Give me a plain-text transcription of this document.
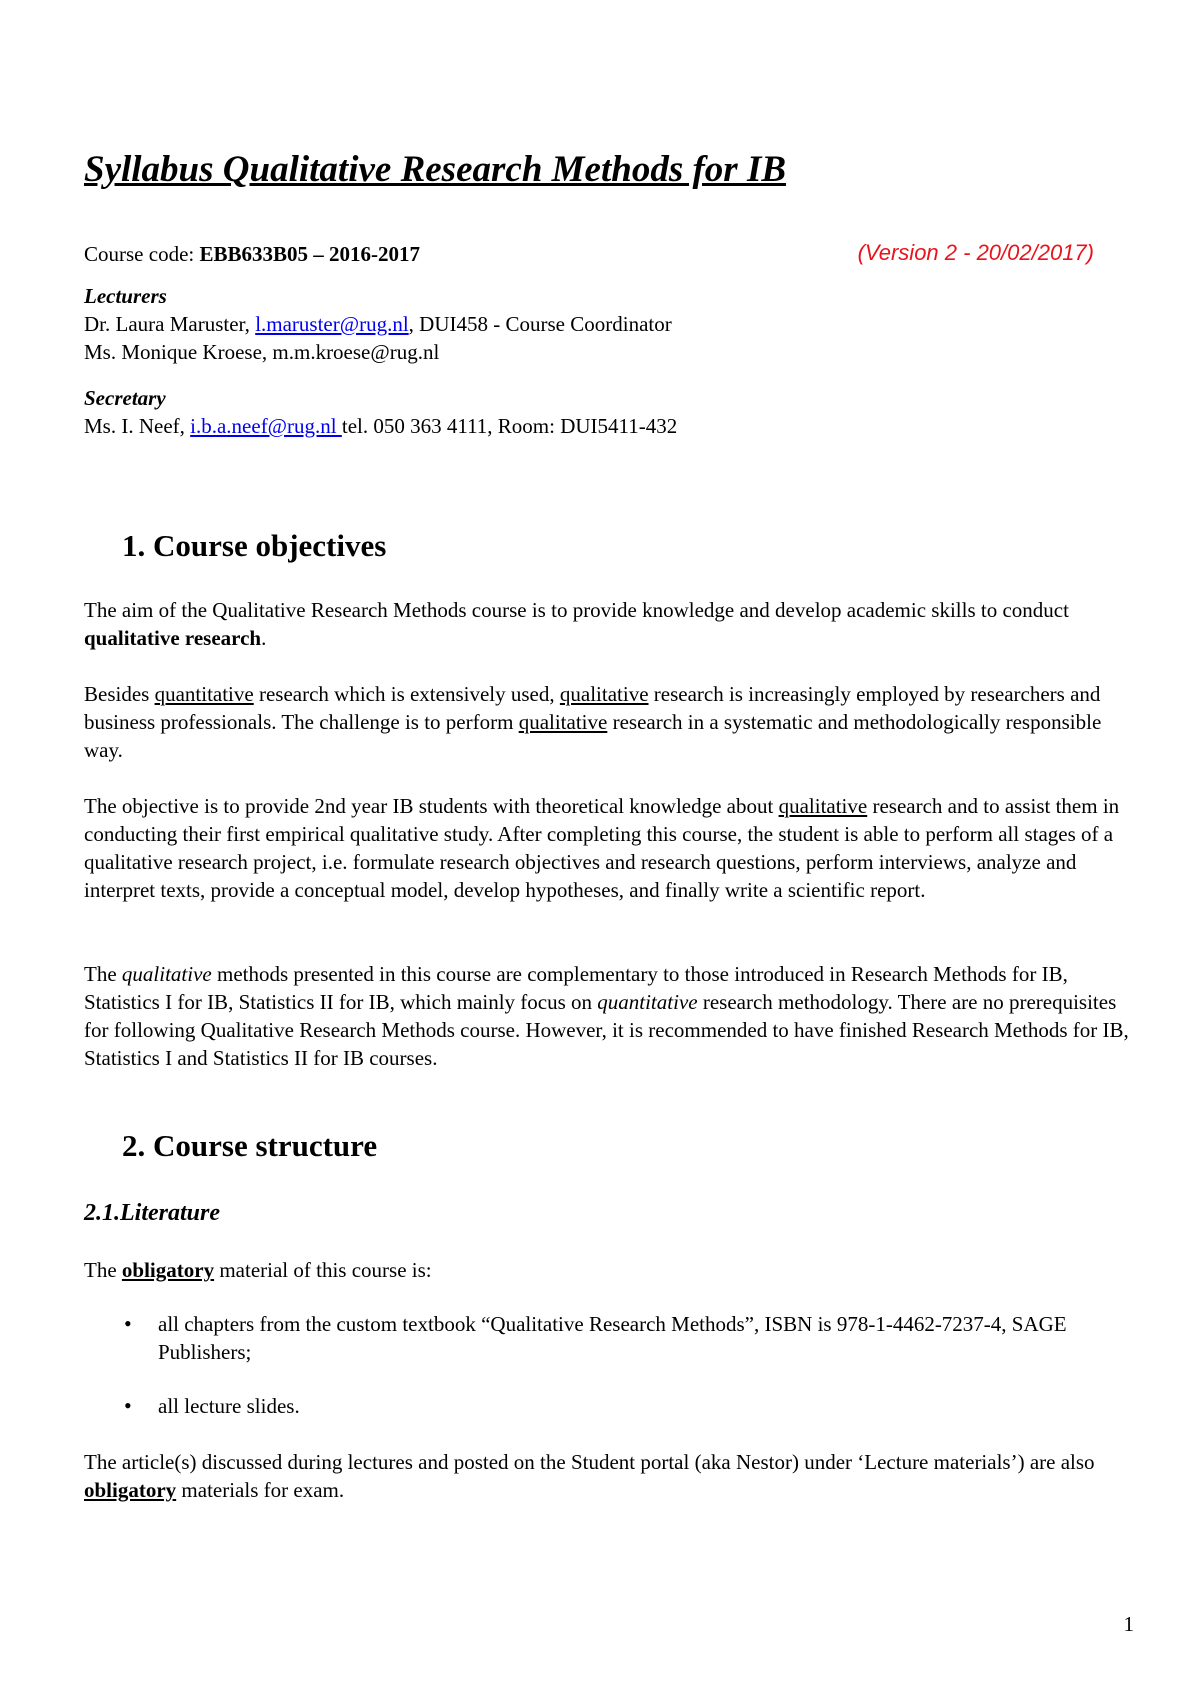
Syllabus Qualitative Research Methods for IB
Course code: EBB633B05 – 2016-2017	(Version 2 - 20/02/2017)
Lecturers
Dr. Laura Maruster, l.maruster@rug.nl, DUI458 - Course Coordinator
Ms. Monique Kroese, m.m.kroese@rug.nl
Secretary
Ms. I. Neef, i.b.a.neef@rug.nl tel. 050 363 4111, Room: DUI5411-432
1. Course objectives

The aim of the Qualitative Research Methods course is to provide knowledge and develop academic skills to conduct qualitative research.

Besides quantitative research which is extensively used, qualitative research is increasingly employed by researchers and business professionals. The challenge is to perform qualitative research in a systematic and methodologically responsible way.

The objective is to provide 2nd year IB students with theoretical knowledge about qualitative research and to assist them in conducting their first empirical qualitative study. After completing this course, the student is able to perform all stages of a qualitative research project, i.e. formulate research objectives and research questions, perform interviews, analyze and interpret texts, provide a conceptual model, develop hypotheses, and finally write a scientific report.

The qualitative methods presented in this course are complementary to those introduced in Research Methods for IB, Statistics I for IB, Statistics II for IB, which mainly focus on quantitative research methodology. There are no prerequisites for following Qualitative Research Methods course. However, it is recommended to have finished Research Methods for IB, Statistics I and Statistics II for IB courses.

2. Course structure
2.1.Literature

The obligatory material of this course is:

• all chapters from the custom textbook “Qualitative Research Methods”, ISBN is 978-1-4462-7237-4, SAGE Publishers;
• all lecture slides.

The article(s) discussed during lectures and posted on the Student portal (aka Nestor) under ‘Lecture materials’) are also obligatory materials for exam.

1
